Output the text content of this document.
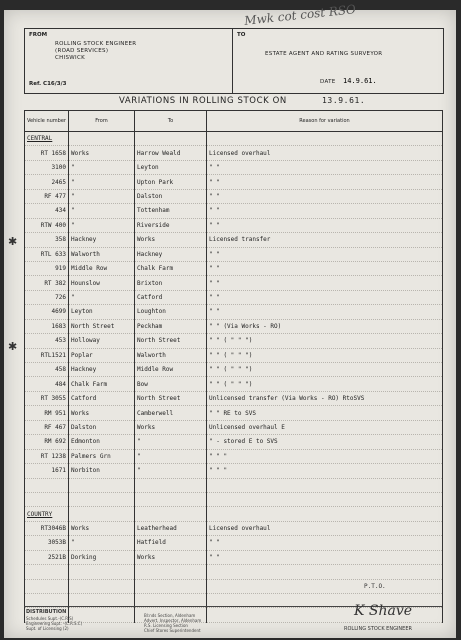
Mwk cot cost RSO
FROM
ROLLING STOCK ENGINEER
(ROAD SERVICES)
CHISWICK
Ref. C16/3/3
TO
ESTATE AGENT AND RATING SURVEYOR
DATE 14.9.61.
VARIATIONS IN ROLLING STOCK ON	13.9.61.
Vehicle number	From	To	Reason for variation
CENTRAL			
RT 1658	Works	Harrow Weald	Licensed overhaul
3100	"	Leyton	" "
2465	"	Upton Park	" "
RF 477	"	Dalston	" "
434	"	Tottenham	" "
RTW 400	"	Riverside	" "
358	Hackney	Works	Licensed transfer
RTL 633	Walworth	Hackney	" "
919	Middle Row	Chalk Farm	" "
RT 382	Hounslow	Brixton	" "
726	"	Catford	" "
4699	Leyton	Loughton	" "
1683	North Street	Peckham	" " (Via Works - RO)
453	Holloway	North Street	" " ( " " ")
RTL1521	Poplar	Walworth	" " ( " " ")
458	Hackney	Middle Row	" " ( " " ")
484	Chalk Farm	Bow	" " ( " " ")
RT 3055	Catford	North Street	Unlicensed transfer (Via Works - RO) RtoSVS
RM 951	Works	Camberwell	" " RE to SVS
RF 467	Dalston	Works	Unlicensed overhaul E
RM 692	Edmonton	"	" - stored E to SVS
RT 1238	Palmers Grn	"	" " "
1671	Norbiton	"	" " "

COUNTRY			
RT3046B	Works	Leatherhead	Licensed overhaul
3053B	"	Hatfield	" "
2521B	Dorking	Works	" "

✱
✱
P.T.O.
DISTRIBUTION
Schedules Supt.-(C.R.S)
Engineering Supt. -(C.R.S.C)
Supt. of Licensing (2)
Bl:nds Section, Aldenham
Advert. Inspector, Aldenham
R.S. Licensing Section
Chief Stores Superintendent
K Shave
ROLLING STOCK ENGINEER
